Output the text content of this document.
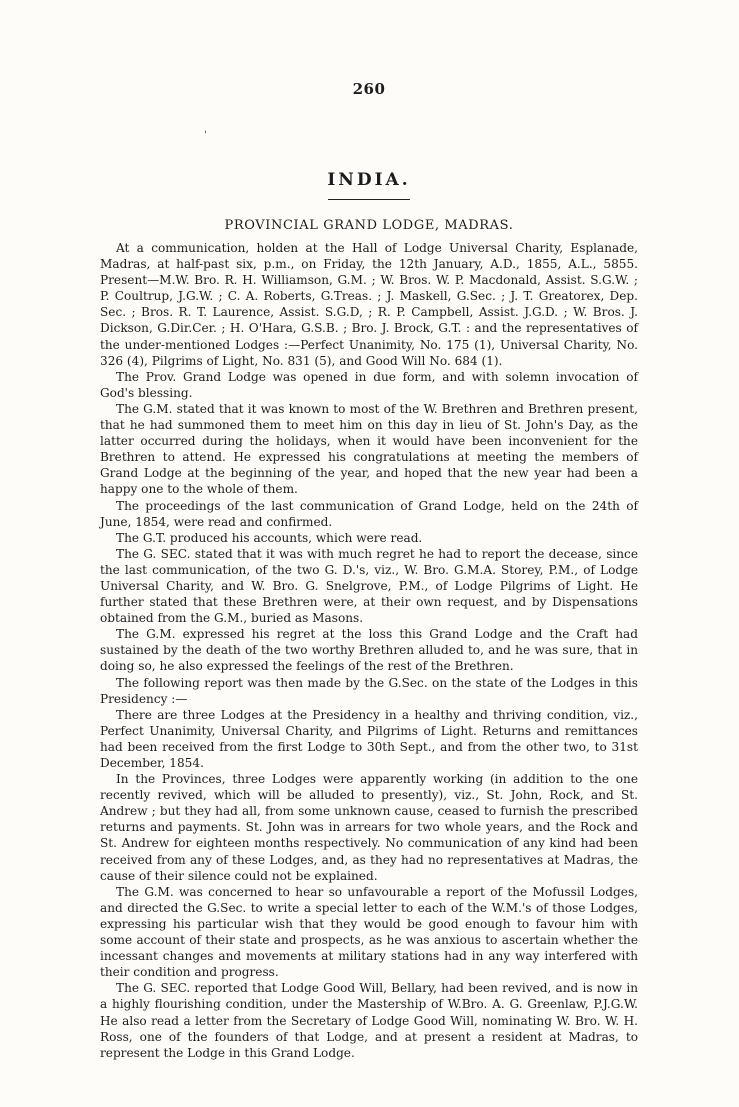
260
'
INDIA.
PROVINCIAL GRAND LODGE, MADRAS.

At a communication, holden at the Hall of Lodge Universal Charity, Esplanade, Madras, at half-past six, p.m., on Friday, the 12th January, A.D., 1855, A.L., 5855. Present—M.W. Bro. R. H. Williamson, G.M. ; W. Bros. W. P. Macdonald, Assist. S.G.W. ; P. Coultrup, J.G.W. ; C. A. Roberts, G.Treas. ; J. Maskell, G.Sec. ; J. T. Greatorex, Dep. Sec. ; Bros. R. T. Laurence, Assist. S.G.D, ; R. P. Campbell, Assist. J.G.D. ; W. Bros. J. Dickson, G.Dir.Cer. ; H. O'Hara, G.S.B. ; Bro. J. Brock, G.T. : and the representatives of the under-mentioned Lodges :—Perfect Unanimity, No. 175 (1), Universal Charity, No. 326 (4), Pilgrims of Light, No. 831 (5), and Good Will No. 684 (1).

The Prov. Grand Lodge was opened in due form, and with solemn invocation of God's blessing.

The G.M. stated that it was known to most of the W. Brethren and Brethren present, that he had summoned them to meet him on this day in lieu of St. John's Day, as the latter occurred during the holidays, when it would have been inconvenient for the Brethren to attend. He expressed his congratulations at meeting the members of Grand Lodge at the beginning of the year, and hoped that the new year had been a happy one to the whole of them.

The proceedings of the last communication of Grand Lodge, held on the 24th of June, 1854, were read and confirmed.

The G.T. produced his accounts, which were read.

The G. SEC. stated that it was with much regret he had to report the decease, since the last communication, of the two G. D.'s, viz., W. Bro. G.M.A. Storey, P.M., of Lodge Universal Charity, and W. Bro. G. Snelgrove, P.M., of Lodge Pilgrims of Light. He further stated that these Brethren were, at their own request, and by Dispensations obtained from the G.M., buried as Masons.

The G.M. expressed his regret at the loss this Grand Lodge and the Craft had sustained by the death of the two worthy Brethren alluded to, and he was sure, that in doing so, he also expressed the feelings of the rest of the Brethren.

The following report was then made by the G.Sec. on the state of the Lodges in this Presidency :—

There are three Lodges at the Presidency in a healthy and thriving condition, viz., Perfect Unanimity, Universal Charity, and Pilgrims of Light. Returns and remittances had been received from the first Lodge to 30th Sept., and from the other two, to 31st December, 1854.

In the Provinces, three Lodges were apparently working (in addition to the one recently revived, which will be alluded to presently), viz., St. John, Rock, and St. Andrew ; but they had all, from some unknown cause, ceased to furnish the prescribed returns and payments. St. John was in arrears for two whole years, and the Rock and St. Andrew for eighteen months respectively. No communication of any kind had been received from any of these Lodges, and, as they had no representatives at Madras, the cause of their silence could not be explained.

The G.M. was concerned to hear so unfavourable a report of the Mofussil Lodges, and directed the G.Sec. to write a special letter to each of the W.M.'s of those Lodges, expressing his particular wish that they would be good enough to favour him with some account of their state and prospects, as he was anxious to ascertain whether the incessant changes and movements at military stations had in any way interfered with their condition and progress.

The G. SEC. reported that Lodge Good Will, Bellary, had been revived, and is now in a highly flourishing condition, under the Mastership of W.Bro. A. G. Greenlaw, P.J.G.W. He also read a letter from the Secretary of Lodge Good Will, nominating W. Bro. W. H. Ross, one of the founders of that Lodge, and at present a resident at Madras, to represent the Lodge in this Grand Lodge.
